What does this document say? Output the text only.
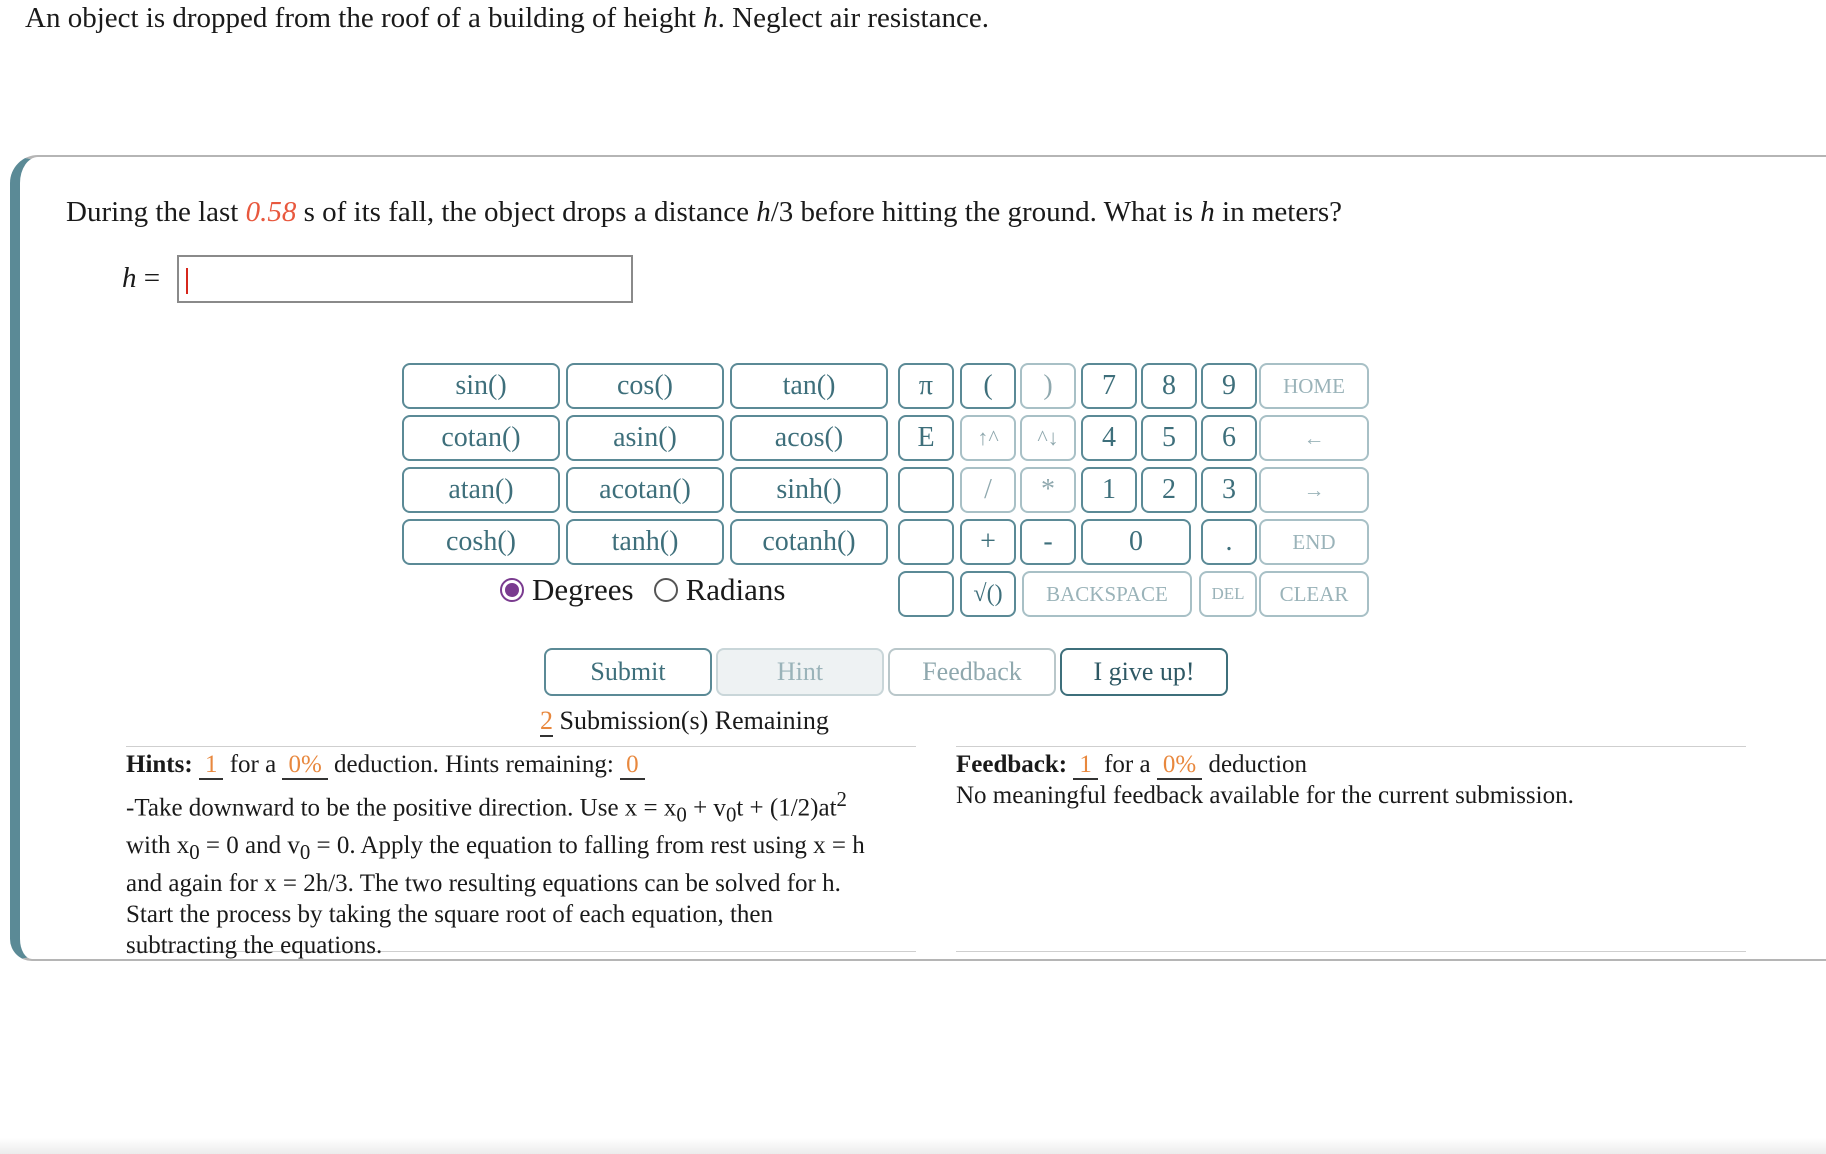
An object is dropped from the roof of a building of height h. Neglect air resistance.
During the last 0.58 s of its fall, the object drops a distance h/3 before hitting the ground. What is h in meters?
h =
sin()	cos()	tan()
cotan()	asin()	acos()
atan()	acotan()	sinh()
cosh()	tanh()	cotanh()
π
E
(	)
↑^	^↓
/	*
+	-
√()
7	8	9
4	5	6
1	2	3
0	.
BACKSPACE	DEL
HOME
←
→
END
CLEAR
Degrees Radians
Submit	Hint	Feedback	I give up!
2 Submission(s) Remaining
Hints: 1 for a 0% deduction. Hints remaining: 0
-Take downward to be the positive direction. Use $x = x_0 + v_0t + (1/2)at^2$
with $x_0 = 0$ and $v_0 = 0$. Apply the equation to falling from rest using x = h
and again for x = 2h/3. The two resulting equations can be solved for h.
Start the process by taking the square root of each equation, then
subtracting the equations.
Feedback: 1 for a 0% deduction
No meaningful feedback available for the current submission.
